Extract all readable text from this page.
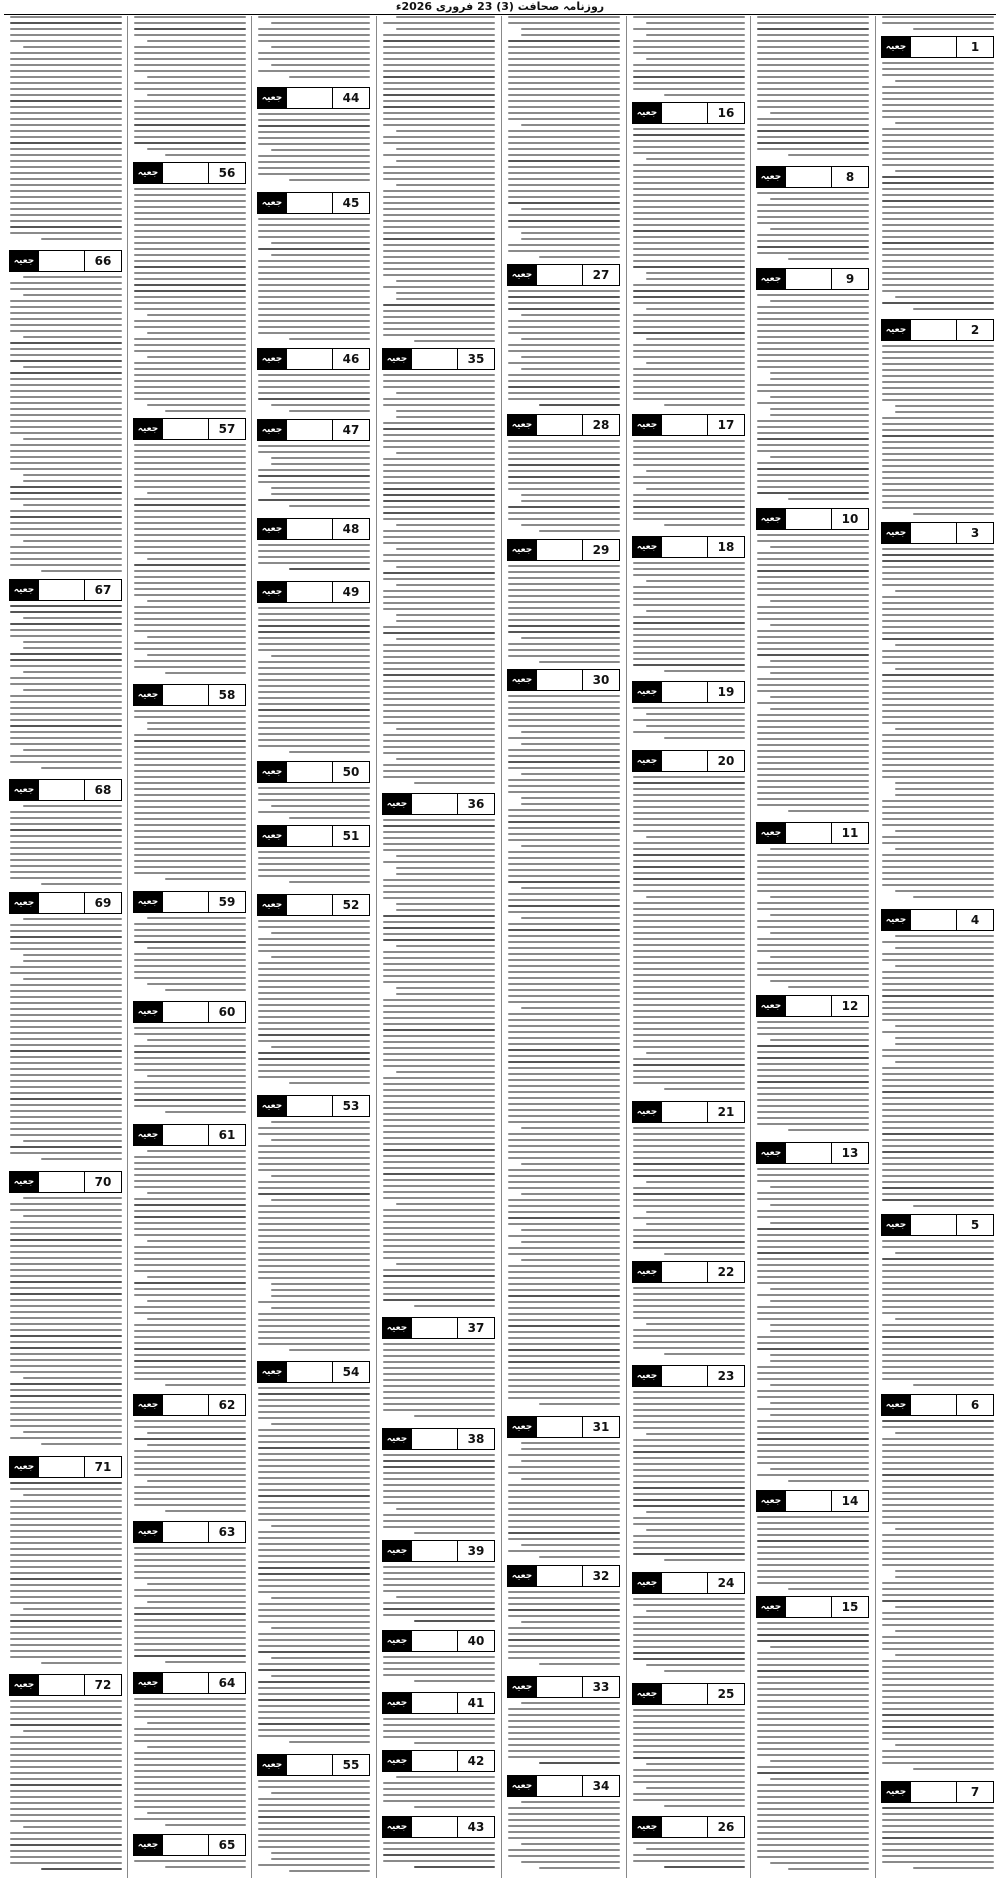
روزنامہ صحافت (3) 23 فروری 2026ء
جعیہ	1
جعیہ	2
جعیہ	3
جعیہ	4
جعیہ	5
جعیہ	6
جعیہ	7
جعیہ	8
جعیہ	9
جعیہ	10
جعیہ	11
جعیہ	12
جعیہ	13
جعیہ	14
جعیہ	15
جعیہ	16
جعیہ	17
جعیہ	18
جعیہ	19
جعیہ	20
جعیہ	21
جعیہ	22
جعیہ	23
جعیہ	24
جعیہ	25
جعیہ	26
جعیہ	27
جعیہ	28
جعیہ	29
جعیہ	30
جعیہ	31
جعیہ	32
جعیہ	33
جعیہ	34
جعیہ	35
جعیہ	36
جعیہ	37
جعیہ	38
جعیہ	39
جعیہ	40
جعیہ	41
جعیہ	42
جعیہ	43
جعیہ	44
جعیہ	45
جعیہ	46
جعیہ	47
جعیہ	48
جعیہ	49
جعیہ	50
جعیہ	51
جعیہ	52
جعیہ	53
جعیہ	54
جعیہ	55
جعیہ	56
جعیہ	57
جعیہ	58
جعیہ	59
جعیہ	60
جعیہ	61
جعیہ	62
جعیہ	63
جعیہ	64
جعیہ	65
جعیہ	66
جعیہ	67
جعیہ	68
جعیہ	69
جعیہ	70
جعیہ	71
جعیہ	72
